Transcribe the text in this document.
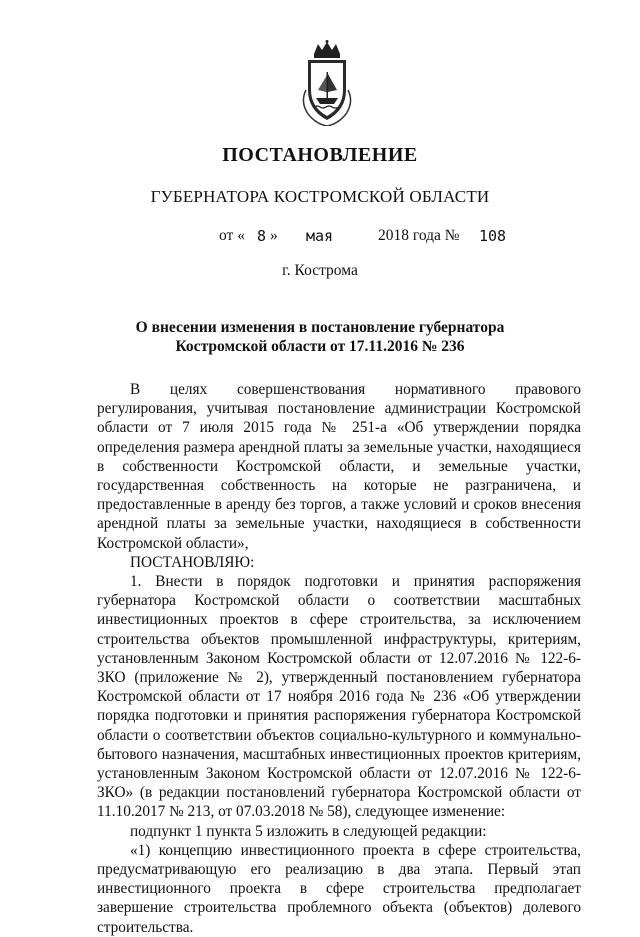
ПОСТАНОВЛЕНИЕ
ГУБЕРНАТОРА КОСТРОМСКОЙ ОБЛАСТИ
от « 8 » мая	2018 года № 108
г. Кострома
О внесении изменения в постановление губернатора
Костромской области от 17.11.2016 № 236

В целях совершенствования нормативного правового регулирования, учитывая постановление администрации Костромской области от 7 июля 2015 года № 251-а «Об утверждении порядка определения размера арендной платы за земельные участки, находящиеся в собственности Костромской области, и земельные участки, государственная собственность на которые не разграничена, и предоставленные в аренду без торгов, а также условий и сроков внесения арендной платы за земельные участки, находящиеся в собственности Костромской области»,

ПОСТАНОВЛЯЮ:

1. Внести в порядок подготовки и принятия распоряжения губернатора Костромской области о соответствии масштабных инвестиционных проектов в сфере строительства, за исключением строительства объектов промышленной инфраструктуры, критериям, установленным Законом Костромской области от 12.07.2016 № 122-6-ЗКО (приложение № 2), утвержденный постановлением губернатора Костромской области от 17 ноября 2016 года № 236 «Об утверждении порядка подготовки и принятия распоряжения губернатора Костромской области о соответствии объектов социально-культурного и коммунально-бытового назначения, масштабных инвестиционных проектов критериям, установленным Законом Костромской области от 12.07.2016 № 122-6-ЗКО» (в редакции постановлений губернатора Костромской области от 11.10.2017 № 213, от 07.03.2018 № 58), следующее изменение:

подпункт 1 пункта 5 изложить в следующей редакции:

«1) концепцию инвестиционного проекта в сфере строительства, предусматривающую его реализацию в два этапа. Первый этап инвестиционного проекта в сфере строительства предполагает завершение строительства проблемного объекта (объектов) долевого строительства.
